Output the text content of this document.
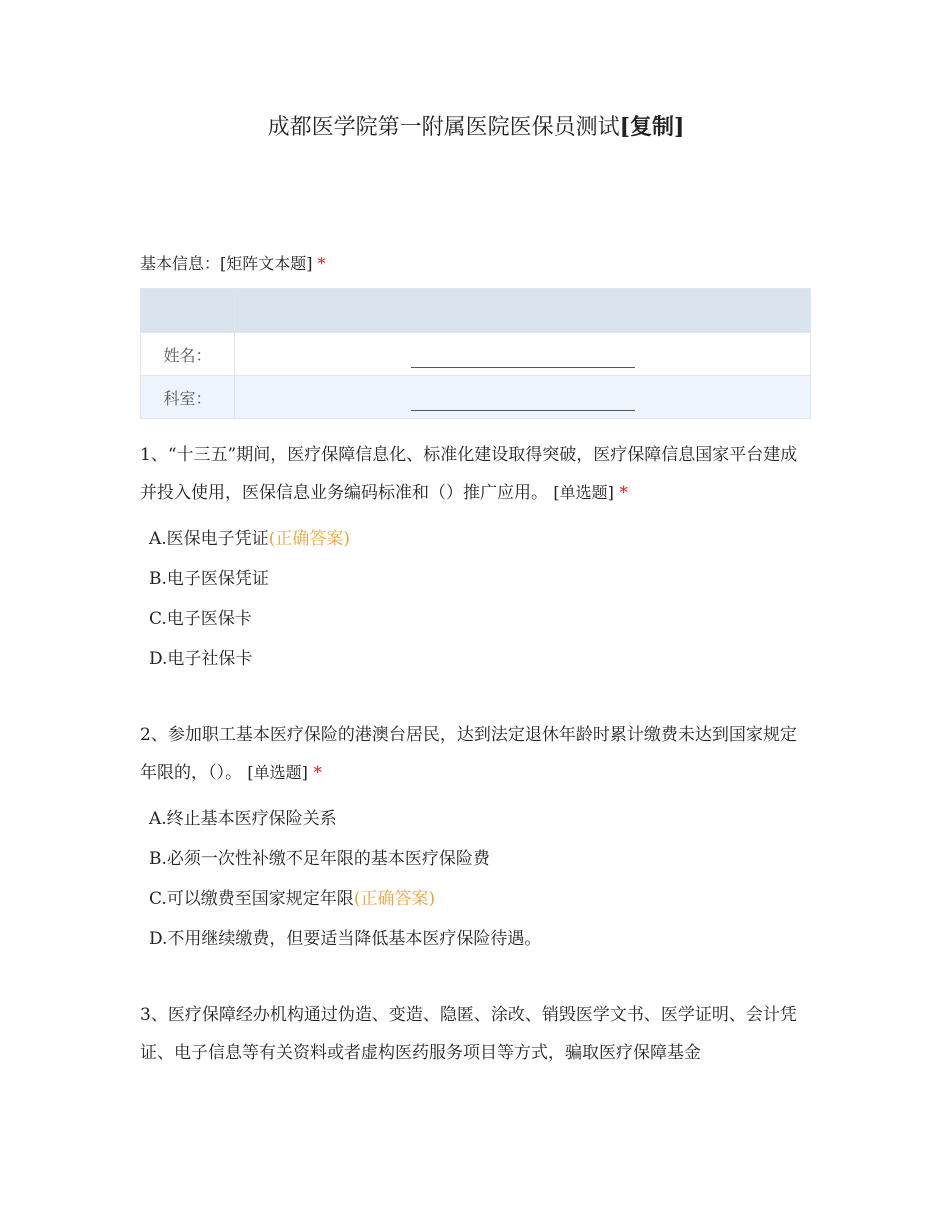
成都医学院第一附属医院医保员测试[复制]
基本信息：[矩阵文本题] *

姓名：	
科室：	
1、“十三五”期间，医疗保障信息化、标准化建设取得突破，医疗保障信息国家平台建成并投入使用，医保信息业务编码标准和（）推广应用。 [单选题] *
A.医保电子凭证(正确答案)
B.电子医保凭证
C.电子医保卡
D.电子社保卡
2、参加职工基本医疗保险的港澳台居民，达到法定退休年龄时累计缴费未达到国家规定年限的，（）。 [单选题] *
A.终止基本医疗保险关系
B.必须一次性补缴不足年限的基本医疗保险费
C.可以缴费至国家规定年限(正确答案)
D.不用继续缴费，但要适当降低基本医疗保险待遇。
3、医疗保障经办机构通过伪造、变造、隐匿、涂改、销毁医学文书、医学证明、会计凭证、电子信息等有关资料或者虚构医药服务项目等方式，骗取医疗保障基金
